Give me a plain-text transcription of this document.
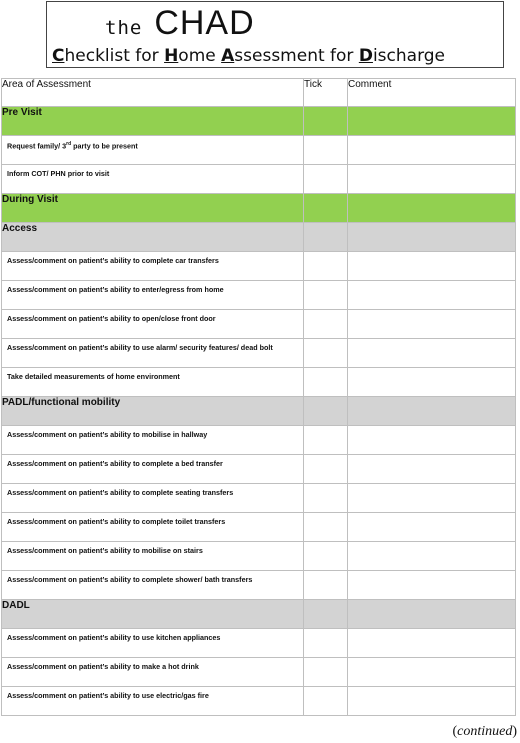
the CHAD
Checklist for Home Assessment for Discharge
Area of Assessment	Tick	Comment
Pre Visit		
Request family/ 3rd party to be present		
Inform COT/ PHN prior to visit		
During Visit		
Access		
Assess/comment on patient’s ability to complete car transfers		
Assess/comment on patient’s ability to enter/egress from home		
Assess/comment on patient’s ability to open/close front door		
Assess/comment on patient’s ability to use alarm/ security features/ dead bolt		
Take detailed measurements of home environment		
PADL/functional mobility		
Assess/comment on patient’s ability to mobilise in hallway		
Assess/comment on patient’s ability to complete a bed transfer		
Assess/comment on patient’s ability to complete seating transfers		
Assess/comment on patient’s ability to complete toilet transfers		
Assess/comment on patient’s ability to mobilise on stairs		
Assess/comment on patient’s ability to complete shower/ bath transfers		
DADL		
Assess/comment on patient’s ability to use kitchen appliances		
Assess/comment on patient’s ability to make a hot drink		
Assess/comment on patient’s ability to use electric/gas fire		
(continued)
